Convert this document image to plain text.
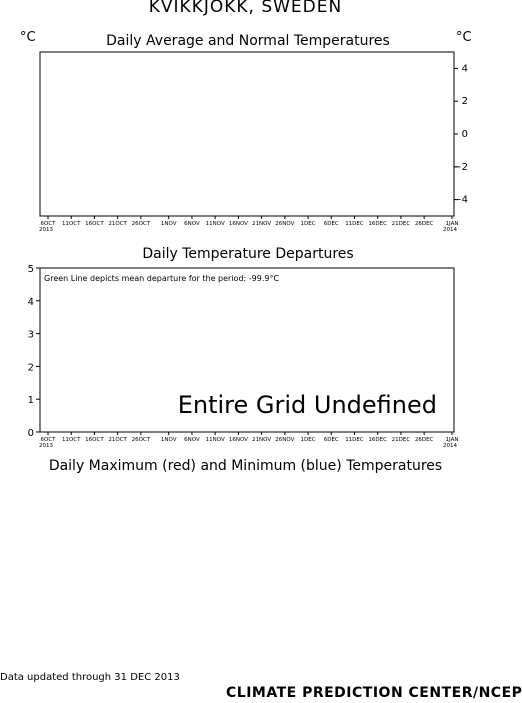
KVIKKJOKK, SWEDEN
°C	°C
Daily Average and Normal Temperatures
Daily Temperature Departures
Daily Maximum (red) and Minimum (blue) Temperatures
Data updated through 31 DEC 2013
CLIMATE PREDICTION CENTER/NCEP
4
2
0
−2
−4
6OCT
2013
11OCT 16OCT 21OCT 26OCT 1NOV 6NOV 11NOV 16NOV 21NOV 26NOV 1DEC 6DEC 11DEC 16DEC 21DEC 26DEC 1JAN
2014
5
4
3
2
1
0
Green Line depicts mean departure for the period: -99.9°C
Entire Grid Undefined
6OCT
2013
11OCT 16OCT 21OCT 26OCT 1NOV 6NOV 11NOV 16NOV 21NOV 26NOV 1DEC 6DEC 11DEC 16DEC 21DEC 26DEC 1JAN
2014
